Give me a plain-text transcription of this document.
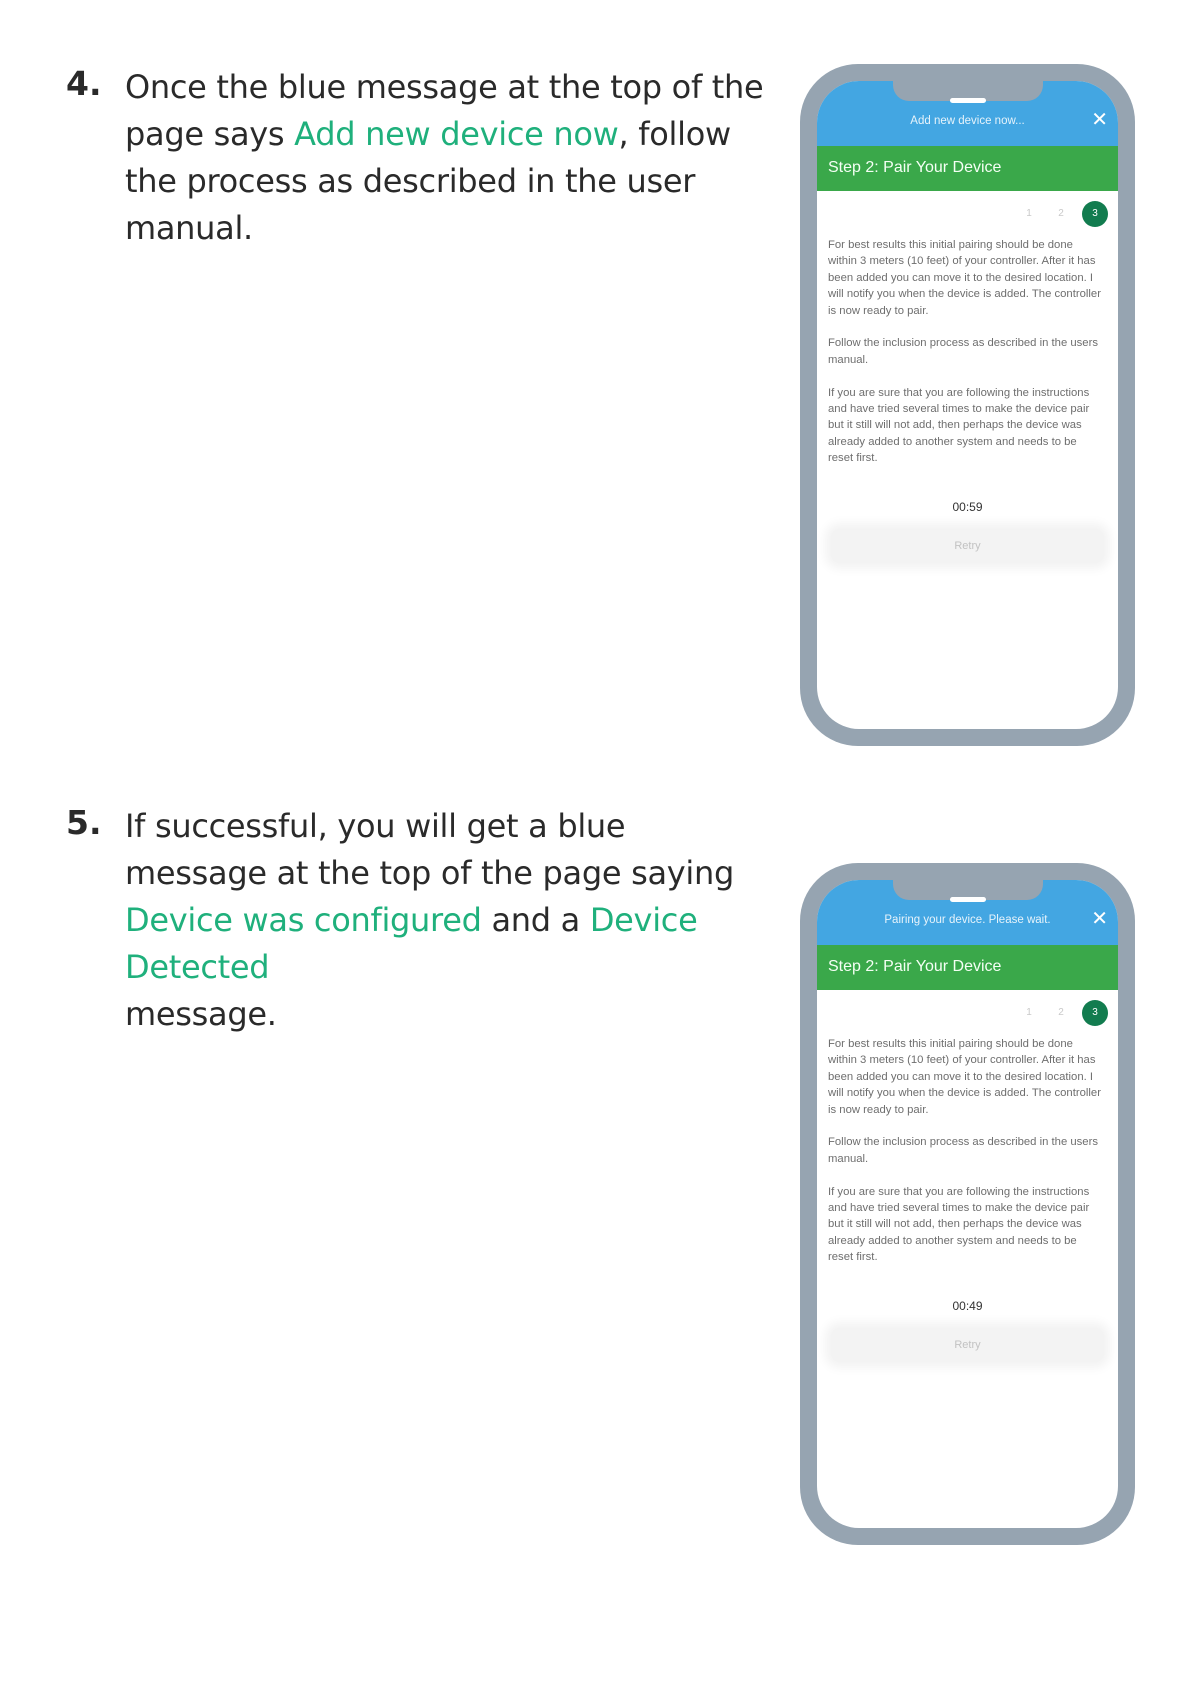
4. Once the blue message at the top of the page says Add new device now, follow the process as described in the user manual.
Add new device now...	✕
Step 2: Pair Your Device
1	2	3

For best results this initial pairing should be done within 3 meters (10 feet) of your controller. After it has been added you can move it to the desired location. I will notify you when the device is added. The controller is now ready to pair.

Follow the inclusion process as described in the users manual.

If you are sure that you are following the instructions and have tried several times to make the device pair but it still will not add, then perhaps the device was already added to another system and needs to be reset first.

00:59
Retry
5. If successful, you will get a blue message at the top of the page saying Device was configured and a Device Detected
message.
Pairing your device. Please wait.	✕
Step 2: Pair Your Device
1	2	3

For best results this initial pairing should be done within 3 meters (10 feet) of your controller. After it has been added you can move it to the desired location. I will notify you when the device is added. The controller is now ready to pair.

Follow the inclusion process as described in the users manual.

If you are sure that you are following the instructions and have tried several times to make the device pair but it still will not add, then perhaps the device was already added to another system and needs to be reset first.

00:49
Retry
